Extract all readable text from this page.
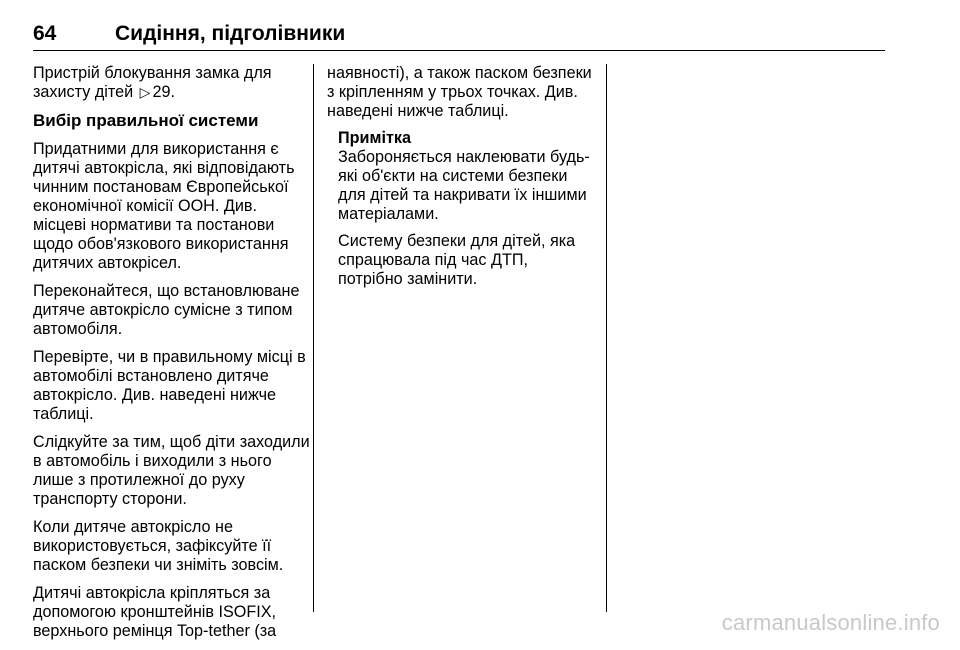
64	Сидіння, підголівники

Пристрій блокування замка для захисту дітей ▷ 29.

Вибір правильної системи

Придатними для використання є дитячі автокрісла, які відповідають чинним постановам Європейської економічної комісії ООН. Див. місцеві нормативи та постанови щодо обов'язкового використання дитячих автокрісел.

Переконайтеся, що встановлюване дитяче автокрісло сумісне з типом автомобіля.

Перевірте, чи в правильному місці в автомобілі встановлено дитяче автокрісло. Див. наведені нижче таблиці.

Слідкуйте за тим, щоб діти заходили в автомобіль і виходили з нього лише з протилежної до руху транспорту сторони.

Коли дитяче автокрісло не використовується, зафіксуйте її паском безпеки чи зніміть зовсім.

Дитячі автокрісла кріпляться за допомогою кронштейнів ISOFIX, верхнього ремінця Top-tether (за

наявності), а також паском безпеки з кріпленням у трьох точках. Див. наведені нижче таблиці.

Примітка

Забороняється наклеювати будь-які об'єкти на системи безпеки для дітей та накривати їх іншими матеріалами.

Систему безпеки для дітей, яка спрацювала під час ДТП, потрібно замінити.

carmanualsonline.info
